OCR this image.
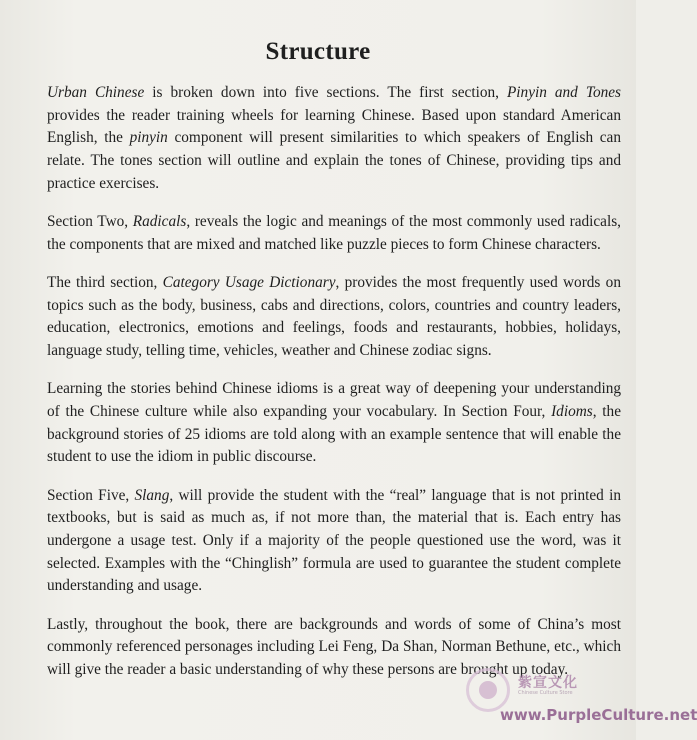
Structure

Urban Chinese is broken down into five sections. The first section, Pinyin and Tones provides the reader training wheels for learning Chinese. Based upon standard American English, the pinyin component will present similarities to which speakers of English can relate. The tones section will outline and explain the tones of Chinese, providing tips and practice exercises.

Section Two, Radicals, reveals the logic and meanings of the most commonly used radicals, the components that are mixed and matched like puzzle pieces to form Chinese characters.

The third section, Category Usage Dictionary, provides the most frequently used words on topics such as the body, business, cabs and directions, colors, countries and country leaders, education, electronics, emotions and feelings, foods and restaurants, hobbies, holidays, language study, telling time, vehicles, weather and Chinese zodiac signs.

Learning the stories behind Chinese idioms is a great way of deepening your understanding of the Chinese culture while also expanding your vocabulary. In Section Four, Idioms, the background stories of 25 idioms are told along with an example sentence that will enable the student to use the idiom in public discourse.

Section Five, Slang, will provide the student with the “real” language that is not printed in textbooks, but is said as much as, if not more than, the material that is. Each entry has undergone a usage test. Only if a majority of the people questioned use the word, was it selected. Examples with the “Chinglish” formula are used to guarantee the student complete understanding and usage.

Lastly, throughout the book, there are backgrounds and words of some of China’s most commonly referenced personages including Lei Feng, Da Shan, Norman Bethune, etc., which will give the reader a basic understanding of why these persons are brought up today.

紫宣文化
Chinese Culture Store
www.PurpleCulture.net
